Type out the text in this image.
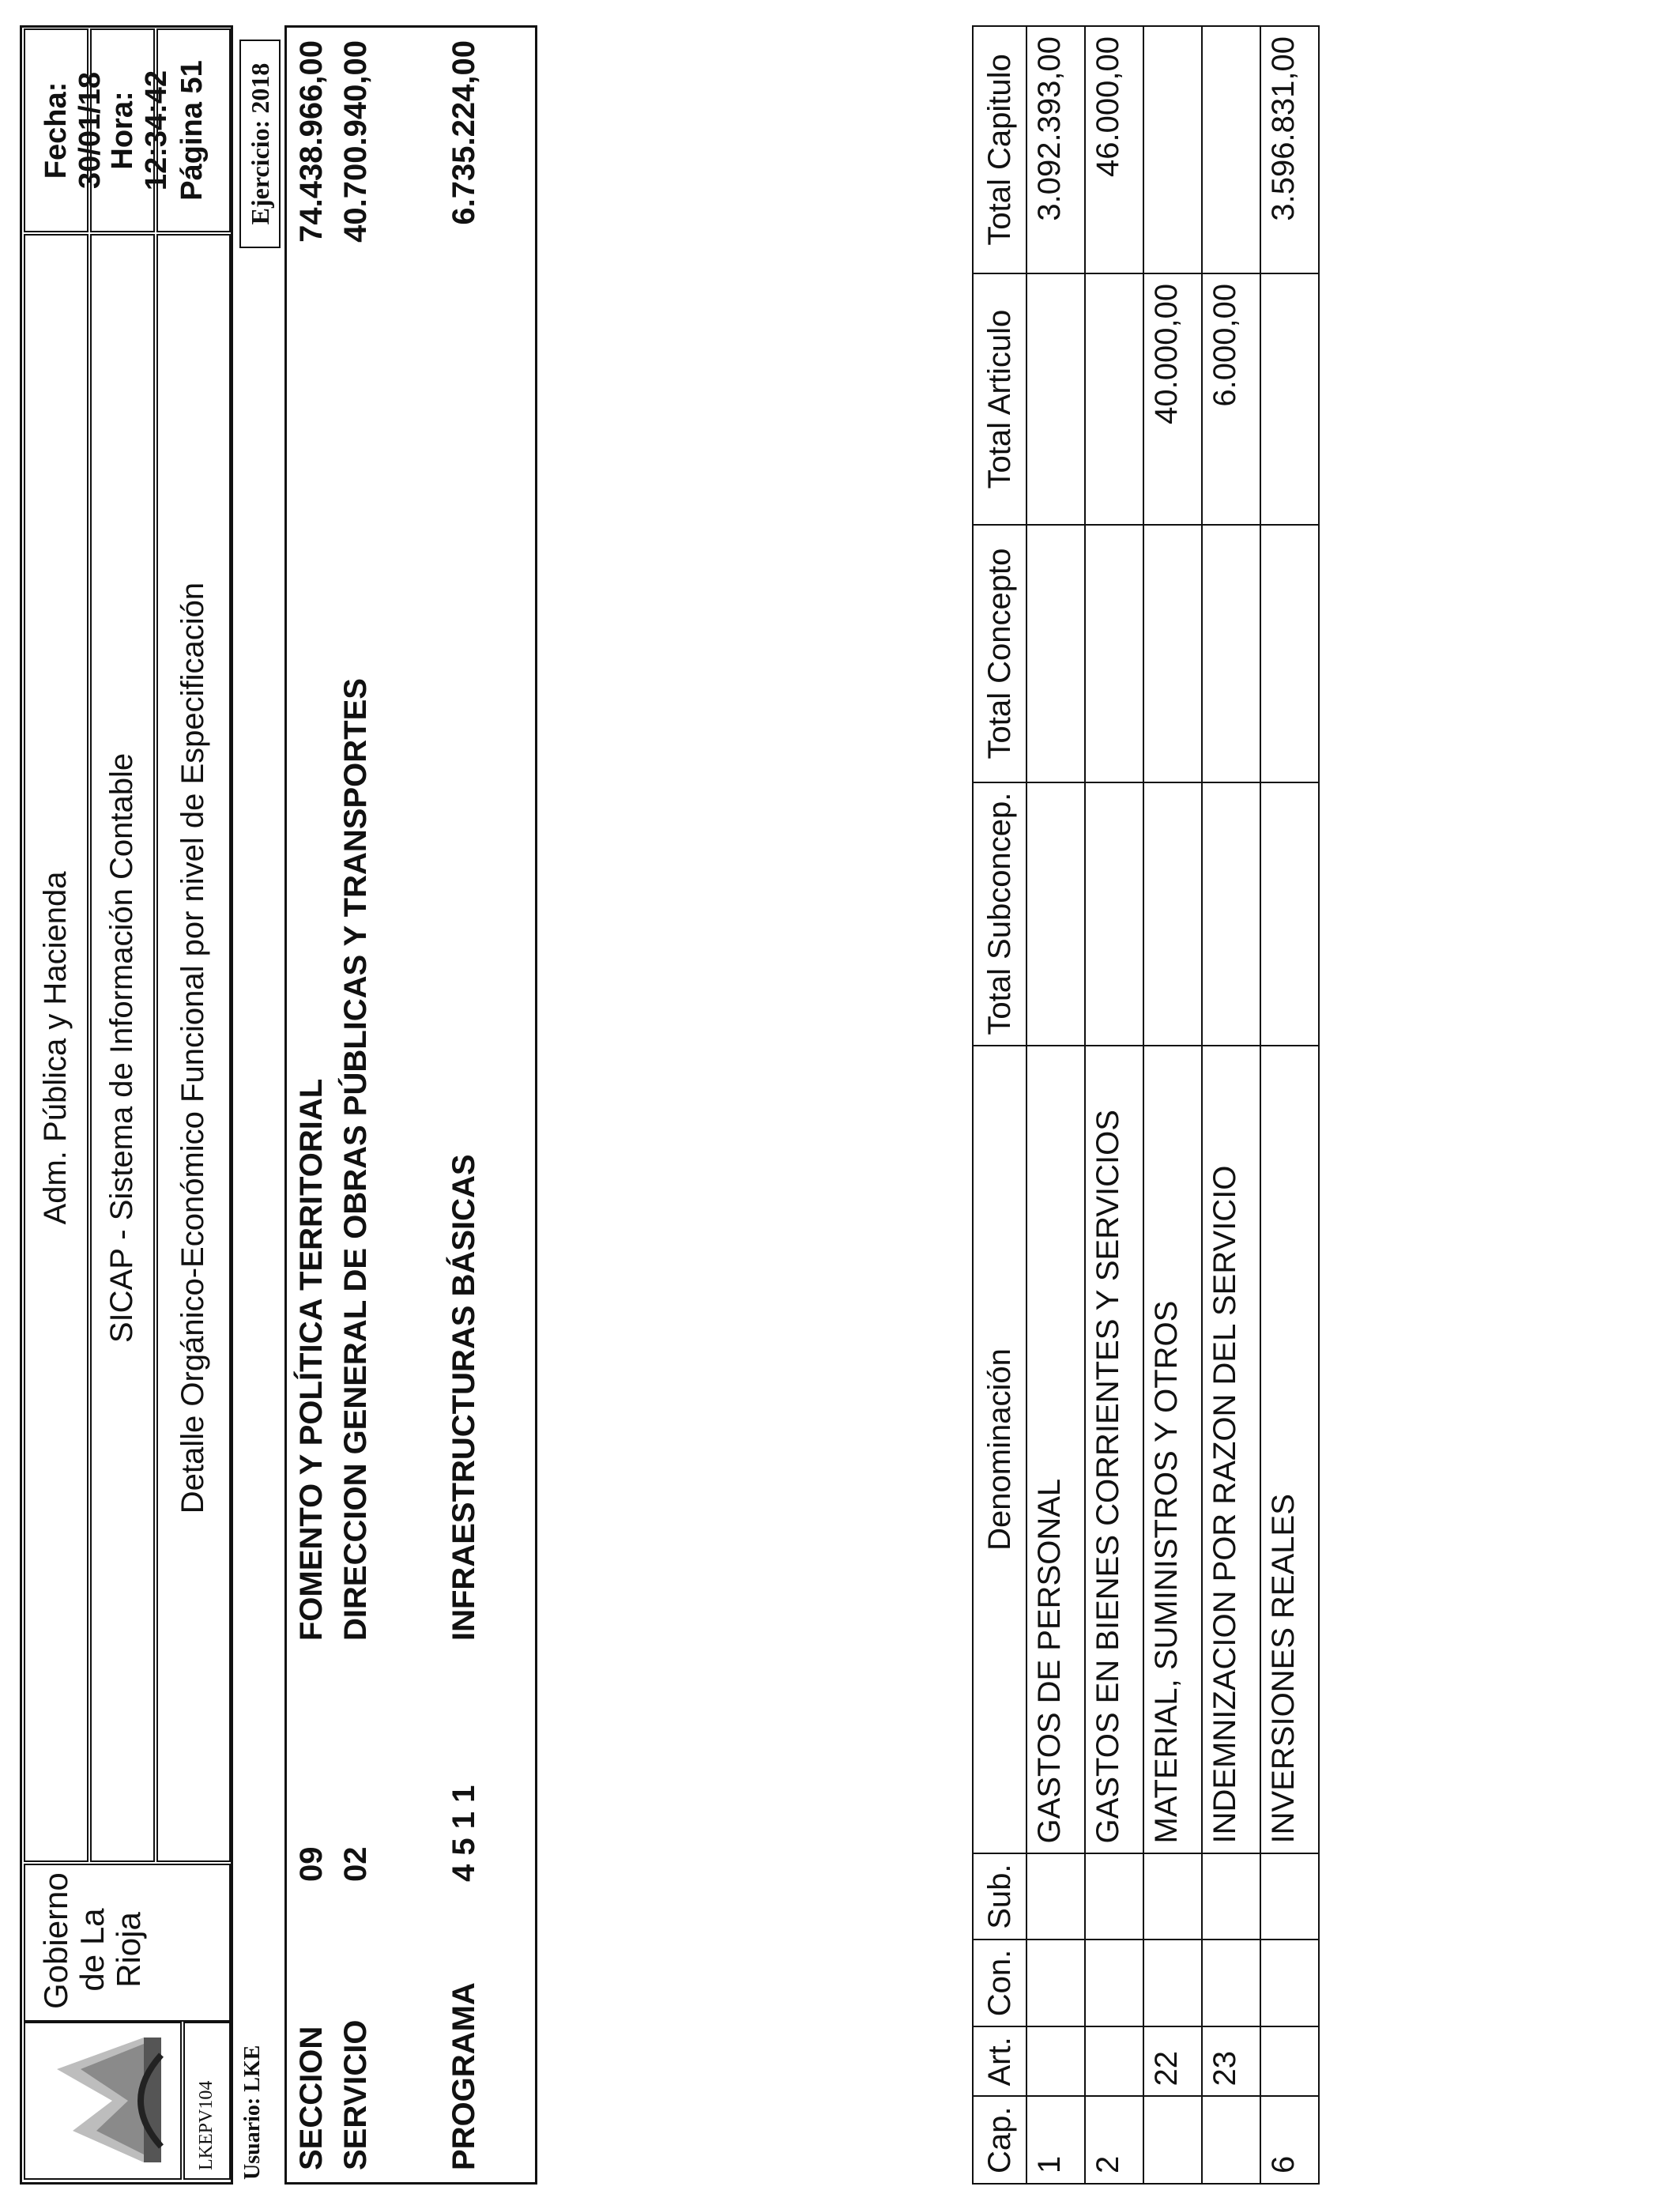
LKEPV104
Gobierno de La Rioja
Adm. Pública y Hacienda	SICAP - Sistema de Información Contable	Detalle Orgánico-Económico Funcional por nivel de Especificación
Fecha: 30/01/18 Hora: 12:34:42 Página 51
Usuario: LKE
Ejercicio: 2018
SECCION
09
FOMENTO Y POLÍTICA TERRITORIAL
74.438.966,00
SERVICIO
02
DIRECCION GENERAL DE OBRAS PÚBLICAS Y TRANSPORTES
40.700.940,00
PROGRAMA
4 5 1 1
INFRAESTRUCTURAS BÁSICAS
6.735.224,00
Cap.	Art.	Con.	Sub.	Denominación	Total Subconcep.	Total Concepto	Total Articulo	Total Capitulo
1				GASTOS DE PERSONAL				3.092.393,00
2				GASTOS EN BIENES CORRIENTES Y SERVICIOS				46.000,00
	22			MATERIAL, SUMINISTROS Y OTROS			40.000,00	
	23			INDEMNIZACION POR RAZON DEL SERVICIO			6.000,00	
6				INVERSIONES REALES				3.596.831,00
